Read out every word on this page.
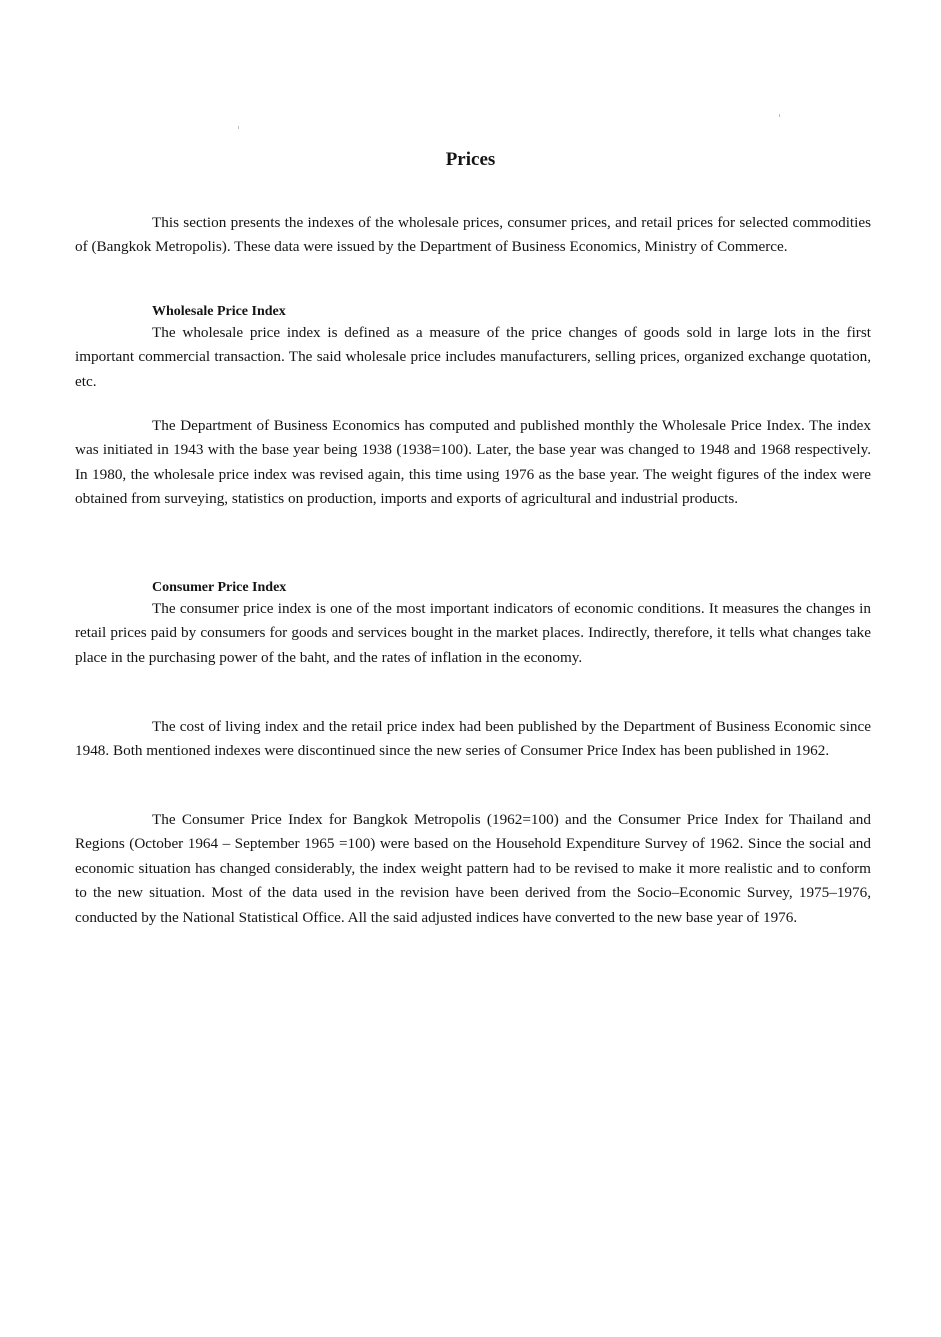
Prices

This section presents the indexes of the wholesale prices, consumer prices, and retail prices for selected commodities of (Bangkok Metropolis). These data were issued by the Department of Business Economics, Ministry of Commerce.

Wholesale Price Index

The wholesale price index is defined as a measure of the price changes of goods sold in large lots in the first important commercial transaction. The said wholesale price includes manufacturers, selling prices, organized exchange quotation, etc.

The Department of Business Economics has computed and published monthly the Wholesale Price Index. The index was initiated in 1943 with the base year being 1938 (1938=100). Later, the base year was changed to 1948 and 1968 respectively. In 1980, the wholesale price index was revised again, this time using 1976 as the base year. The weight figures of the index were obtained from surveying, statistics on production, imports and exports of agricultural and industrial products.

Consumer Price Index

The consumer price index is one of the most important indicators of economic conditions. It measures the changes in retail prices paid by consumers for goods and services bought in the market places. Indirectly, therefore, it tells what changes take place in the purchasing power of the baht, and the rates of inflation in the economy.

The cost of living index and the retail price index had been published by the Department of Business Economic since 1948. Both mentioned indexes were discontinued since the new series of Consumer Price Index has been published in 1962.

The Consumer Price Index for Bangkok Metropolis (1962=100) and the Consumer Price Index for Thailand and Regions (October 1964 – September 1965 =100) were based on the Household Expenditure Survey of 1962. Since the social and economic situation has changed considerably, the index weight pattern had to be revised to make it more realistic and to conform to the new situation. Most of the data used in the revision have been derived from the Socio–Economic Survey, 1975–1976, conducted by the National Statistical Office. All the said adjusted indices have converted to the new base year of 1976.
